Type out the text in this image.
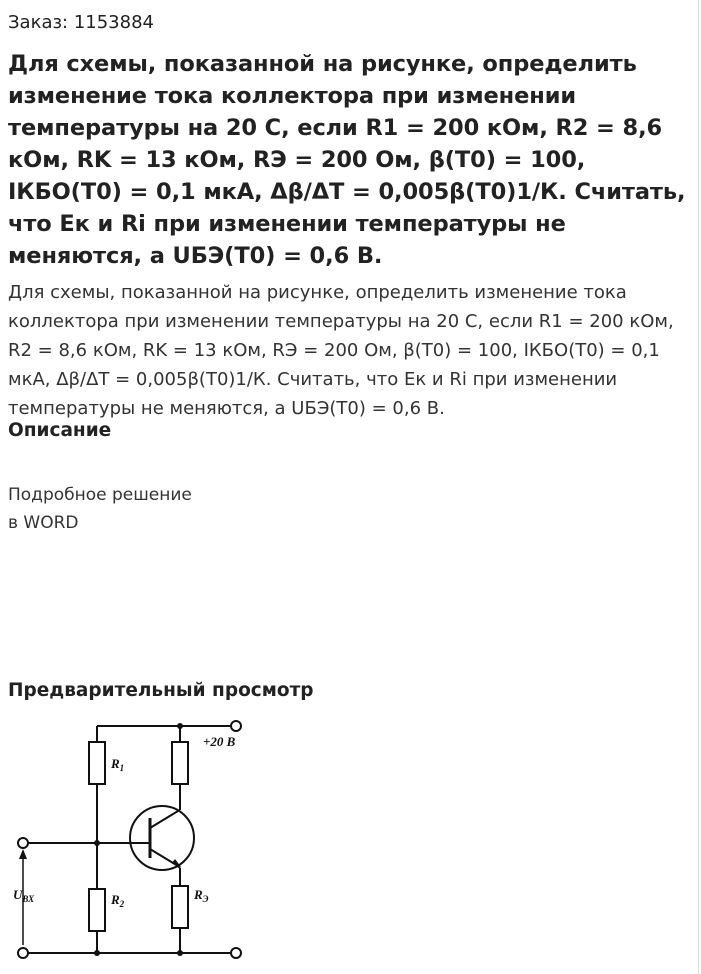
Заказ: 1153884
Для схемы, показанной на рисунке, определить изменение тока коллектора при изменении температуры на 20 С, если R1 = 200 кОм, R2 = 8,6 кОм, RK = 13 кОм, RЭ = 200 Ом, β(Т0) = 100, IКБО(Т0) = 0,1 мкА, Δβ/ΔТ = 0,005β(Т0)1/К. Считать, что Ек и Ri при изменении температуры не меняются, а UБЭ(Т0) = 0,6 В.
Для схемы, показанной на рисунке, определить изменение тока коллектора при изменении температуры на 20 С, если R1 = 200 кОм, R2 = 8,6 кОм, RK = 13 кОм, RЭ = 200 Ом, β(Т0) = 100, IКБО(Т0) = 0,1 мкА, Δβ/ΔТ = 0,005β(Т0)1/К. Считать, что Ек и Ri при изменении температуры не меняются, а UБЭ(Т0) = 0,6 В.
Описание
Подробное решение
в WORD
Предварительный просмотр
+20 В
$R_1$
$R_2$
$R_Э$
$U_{ВХ}$
